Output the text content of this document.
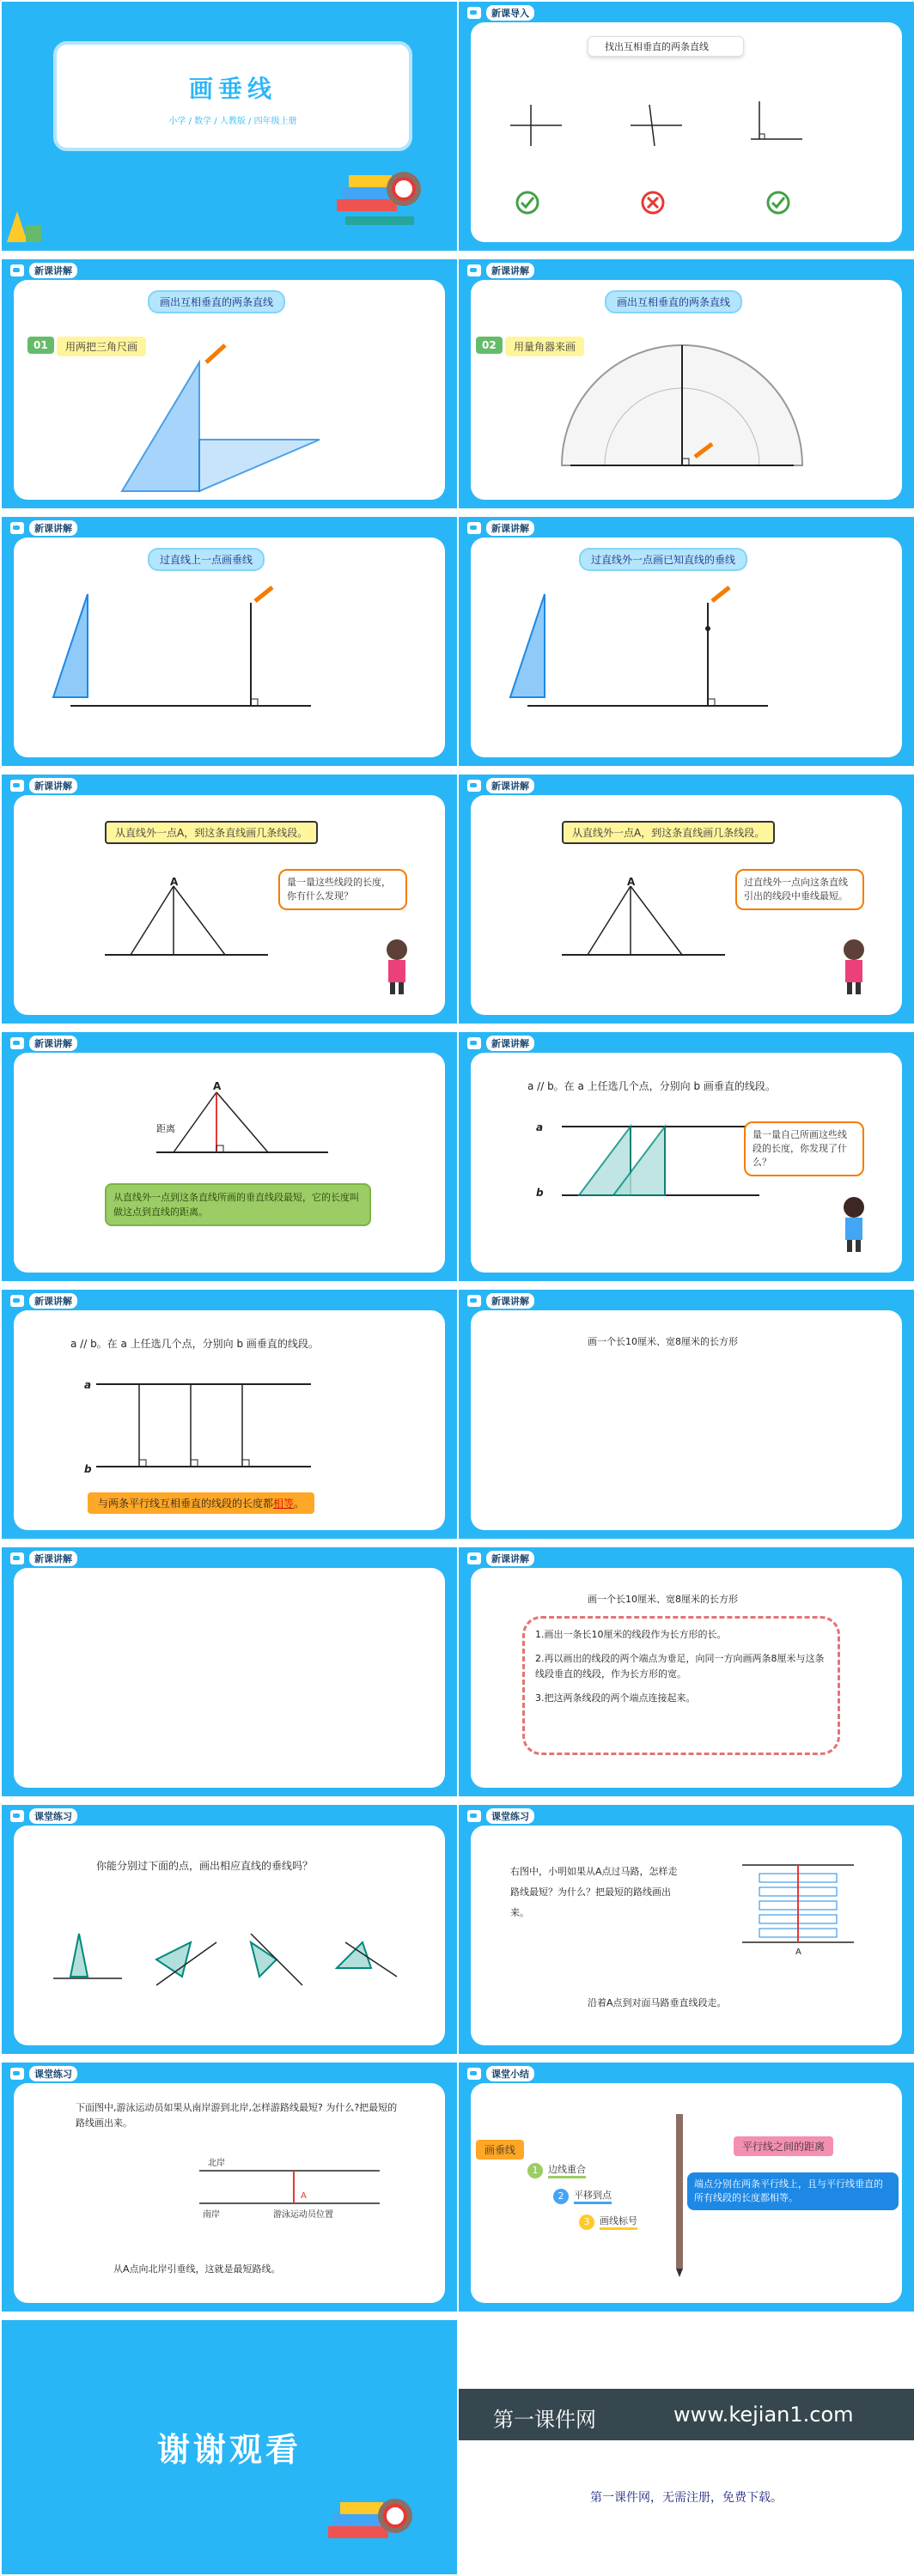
画垂线
小学 / 数学 / 人教版 / 四年级上册
新课导入
找出互相垂直的两条直线
新课讲解
画出互相垂直的两条直线
01	用两把三角尺画
新课讲解
画出互相垂直的两条直线
02	用量角器来画
新课讲解
过直线上一点画垂线
新课讲解
过直线外一点画已知直线的垂线
新课讲解
从直线外一点A，到这条直线画几条线段。
A	量一量这些线段的长度，你有什么发现？
新课讲解
从直线外一点A，到这条直线画几条线段。
A	过直线外一点向这条直线引出的线段中垂线最短。
新课讲解
A
距离
从直线外一点到这条直线所画的垂直线段最短，它的长度叫做这点到直线的距离。
新课讲解
a // b。在 a 上任选几个点，分别向 b 画垂直的线段。
a
b
量一量自己所画这些线段的长度，你发现了什么？
新课讲解
a // b。在 a 上任选几个点，分别向 b 画垂直的线段。
a
b
与两条平行线互相垂直的线段的长度都相等。
新课讲解
画一个长10厘米、宽8厘米的长方形
新课讲解	新课讲解
画一个长10厘米、宽8厘米的长方形
1.画出一条长10厘米的线段作为长方形的长。
2.再以画出的线段的两个端点为垂足，向同一方向画两条8厘米与这条线段垂直的线段，作为长方形的宽。
3.把这两条线段的两个端点连接起来。
课堂练习
你能分别过下面的点，画出相应直线的垂线吗？
课堂练习
右图中，小明如果从A点过马路，怎样走路线最短？为什么？把最短的路线画出来。
A
沿着A点到对面马路垂直线段走。
课堂练习
下面图中,游泳运动员如果从南岸游到北岸,怎样游路线最短? 为什么?把最短的路线画出来。
北岸
南岸	游泳运动员位置
A
从A点向北岸引垂线，这就是最短路线。
课堂小结
画垂线
1	边线重合
2	平移到点
3	画线标号
平行线之间的距离
端点分别在两条平行线上，且与平行线垂直的所有线段的长度都相等。
谢谢观看
第一课件网	www.kejian1.com
第一课件网，无需注册，免费下载。
